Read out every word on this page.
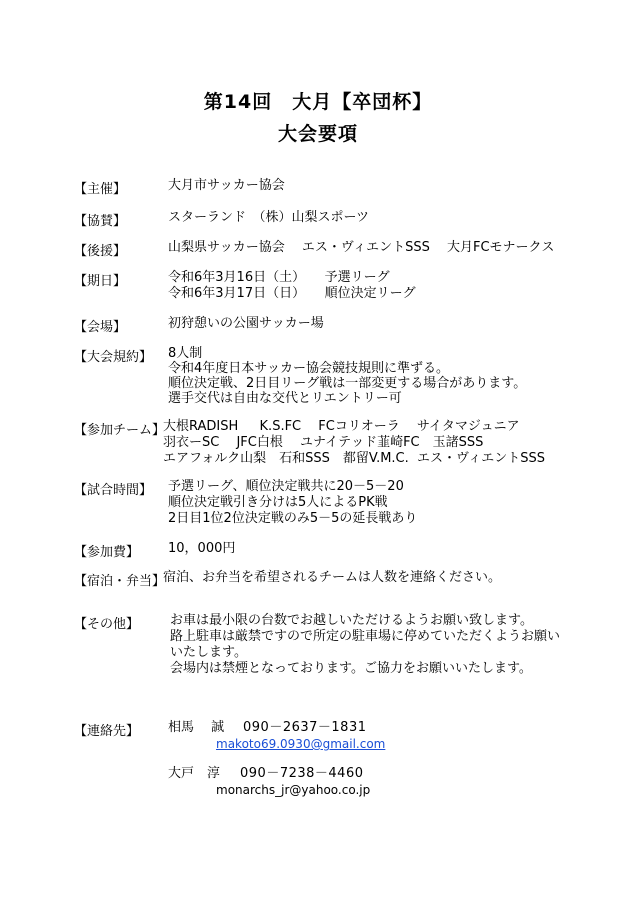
第14回　大月【卒団杯】
大会要項
【主催】	大月市サッカー協会
【協賛】	スターランド　（株）山梨スポーツ
【後援】	山梨県サッカー協会　 エス・ヴィエントSSS　 大月FCモナークス
【期日】	令和6年3月16日（土）　　予選リーグ
令和6年3月17日（日）　　順位決定リーグ
【会場】	初狩憩いの公園サッカー場
【大会規約】 8人制
令和4年度日本サッカー協会競技規則に準ずる。
順位決定戦、2日目リーグ戦は一部変更する場合があります。
選手交代は自由な交代とリエントリー可
【参加チーム】
大根RADISH　  K.S.FC　 FCコリオーラ　 サイタマジュニア
羽衣ーSC　 JFC白根　 ユナイテッド韮崎FC　玉諸SSS
エアフォルク山梨　石和SSS　都留V.M.C.  エス・ヴィエントSSS
【試合時間】 予選リーグ、順位決定戦共に20－5－20
順位決定戦引き分けは5人によるPK戦
2日目1位2位決定戦のみ5－5の延長戦あり
【参加費】 10，000円
【宿泊・弁当】
宿泊、お弁当を希望されるチームは人数を連絡ください。
【その他】 お車は最小限の台数でお越しいただけるようお願い致します。
路上駐車は厳禁ですので所定の駐車場に停めていただくようお願い
いたします。
会場内は禁煙となっております。ご協力をお願いいたします。
【連絡先】 相馬　 誠 090－2637－1831
makoto69.0930@gmail.com
大戸　淳 090－7238－4460
monarchs_jr@yahoo.co.jp
